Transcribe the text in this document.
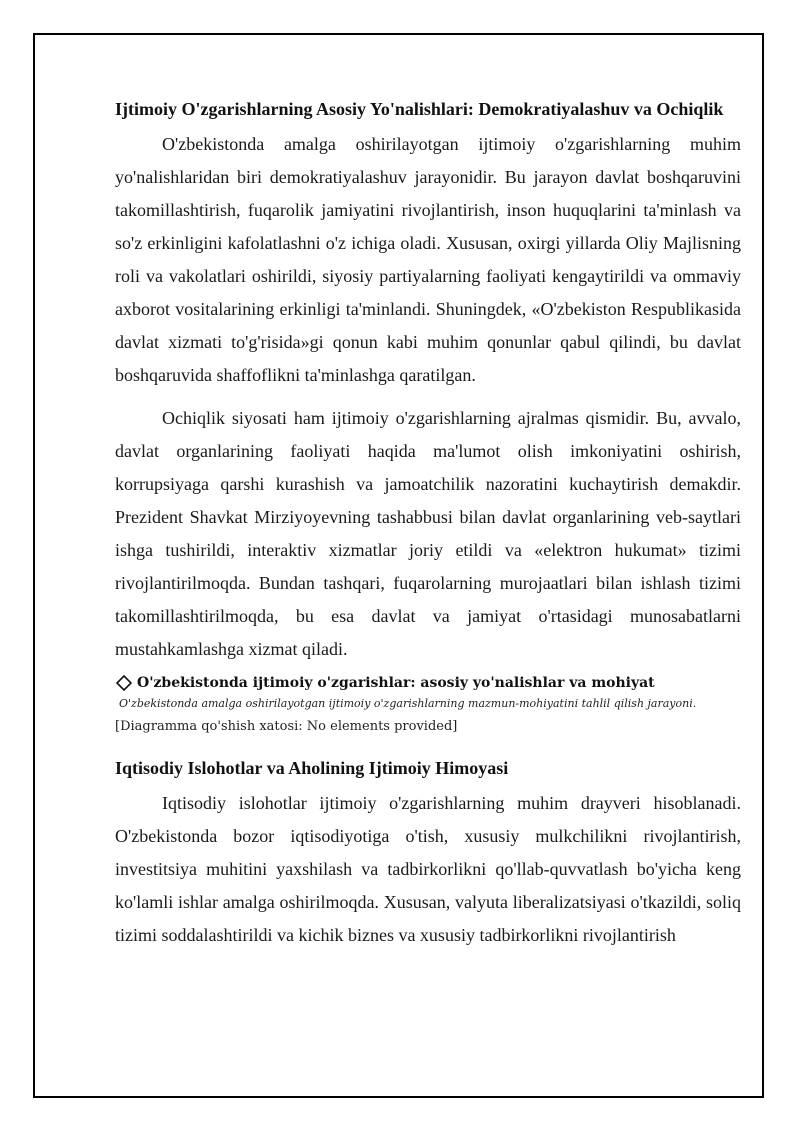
Ijtimoiy O'zgarishlarning Asosiy Yo'nalishlari: Demokratiyalashuv va Ochiqlik

O'zbekistonda amalga oshirilayotgan ijtimoiy o'zgarishlarning muhim yo'nalishlaridan biri demokratiyalashuv jarayonidir. Bu jarayon davlat boshqaruvini takomillashtirish, fuqarolik jamiyatini rivojlantirish, inson huquqlarini ta'minlash va so'z erkinligini kafolatlashni o'z ichiga oladi. Xususan, oxirgi yillarda Oliy Majlisning roli va vakolatlari oshirildi, siyosiy partiyalarning faoliyati kengaytirildi va ommaviy axborot vositalarining erkinligi ta'minlandi. Shuningdek, «O'zbekiston Respublikasida davlat xizmati to'g'risida»gi qonun kabi muhim qonunlar qabul qilindi, bu davlat boshqaruvida shaffoflikni ta'minlashga qaratilgan.

Ochiqlik siyosati ham ijtimoiy o'zgarishlarning ajralmas qismidir. Bu, avvalo, davlat organlarining faoliyati haqida ma'lumot olish imkoniyatini oshirish, korrupsiyaga qarshi kurashish va jamoatchilik nazoratini kuchaytirish demakdir. Prezident Shavkat Mirziyoyevning tashabbusi bilan davlat organlarining veb-saytlari ishga tushirildi, interaktiv xizmatlar joriy etildi va «elektron hukumat» tizimi rivojlantirilmoqda. Bundan tashqari, fuqarolarning murojaatlari bilan ishlash tizimi takomillashtirilmoqda, bu esa davlat va jamiyat o'rtasidagi munosabatlarni mustahkamlashga xizmat qiladi.

O'zbekistonda ijtimoiy o'zgarishlar: asosiy yo'nalishlar va mohiyat
O'zbekistonda amalga oshirilayotgan ijtimoiy o'zgarishlarning mazmun-mohiyatini tahlil qilish jarayoni.
[Diagramma qo'shish xatosi: No elements provided]
Iqtisodiy Islohotlar va Aholining Ijtimoiy Himoyasi

Iqtisodiy islohotlar ijtimoiy o'zgarishlarning muhim drayveri hisoblanadi. O'zbekistonda bozor iqtisodiyotiga o'tish, xususiy mulkchilikni rivojlantirish, investitsiya muhitini yaxshilash va tadbirkorlikni qo'llab-quvvatlash bo'yicha keng ko'lamli ishlar amalga oshirilmoqda. Xususan, valyuta liberalizatsiyasi o'tkazildi, soliq tizimi soddalashtirildi va kichik biznes va xususiy tadbirkorlikni rivojlantirish
